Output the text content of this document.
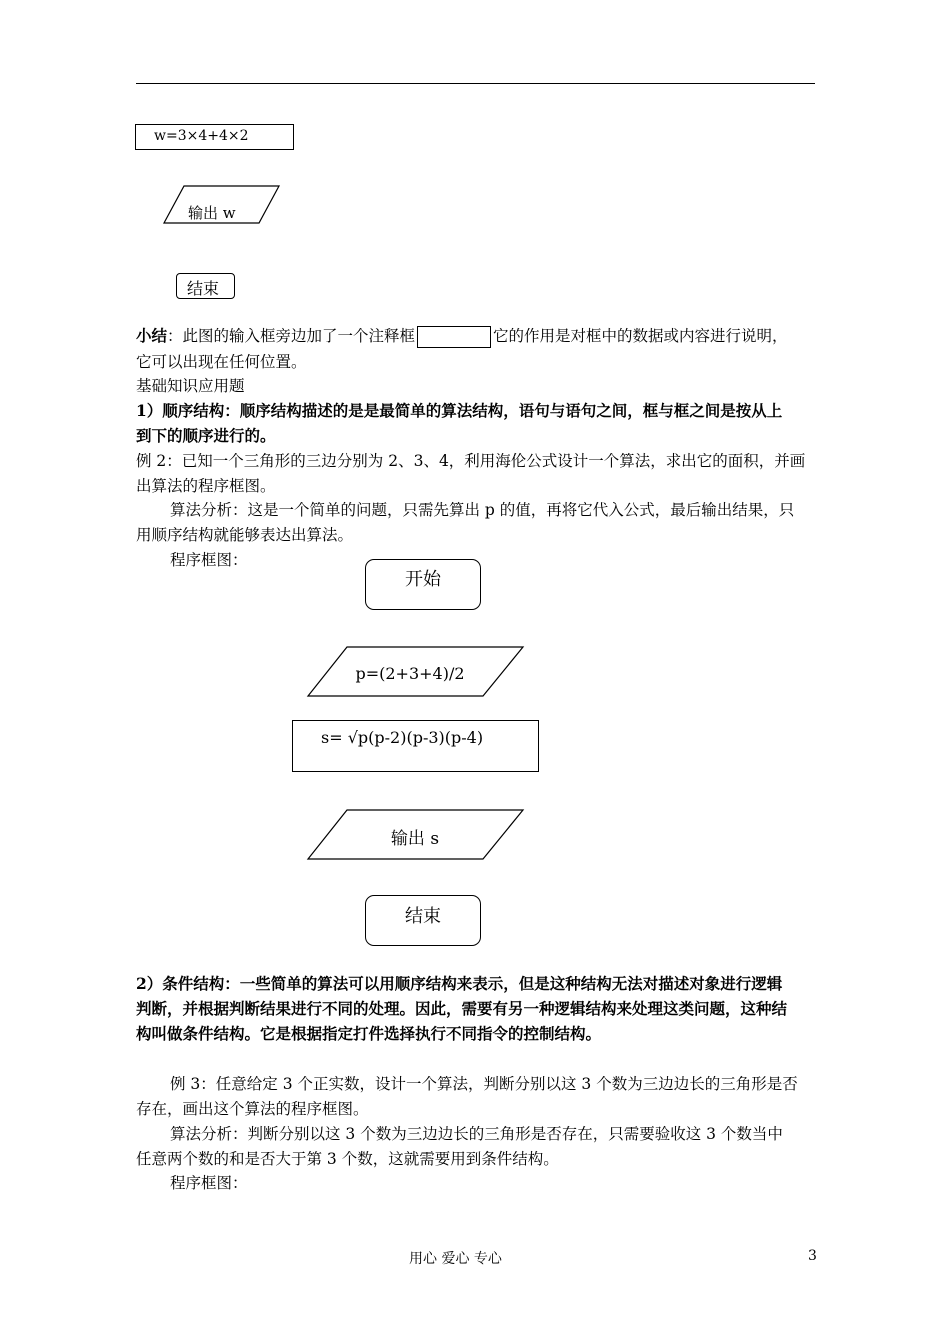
w=3×4+4×2
输出 w
结束
小结：此图的输入框旁边加了一个注释框	它的作用是对框中的数据或内容进行说明，
它可以出现在任何位置。
基础知识应用题
1）顺序结构：顺序结构描述的是是最简单的算法结构，语句与语句之间，框与框之间是按从上
到下的顺序进行的。
例 2：已知一个三角形的三边分别为 2、3、4，利用海伦公式设计一个算法，求出它的面积，并画
出算法的程序框图。
算法分析：这是一个简单的问题，只需先算出 p 的值，再将它代入公式，最后输出结果，只
用顺序结构就能够表达出算法。
程序框图：
开始
p=(2+3+4)/2
s= √p(p-2)(p-3)(p-4)
输出 s
结束
2）条件结构：一些简单的算法可以用顺序结构来表示，但是这种结构无法对描述对象进行逻辑
判断，并根据判断结果进行不同的处理。因此，需要有另一种逻辑结构来处理这类问题，这种结
构叫做条件结构。它是根据指定打件选择执行不同指令的控制结构。
例 3：任意给定 3 个正实数，设计一个算法，判断分别以这 3 个数为三边边长的三角形是否
存在，画出这个算法的程序框图。
算法分析：判断分别以这 3 个数为三边边长的三角形是否存在，只需要验收这 3 个数当中
任意两个数的和是否大于第 3 个数，这就需要用到条件结构。
程序框图：
用心 爱心 专心	3
